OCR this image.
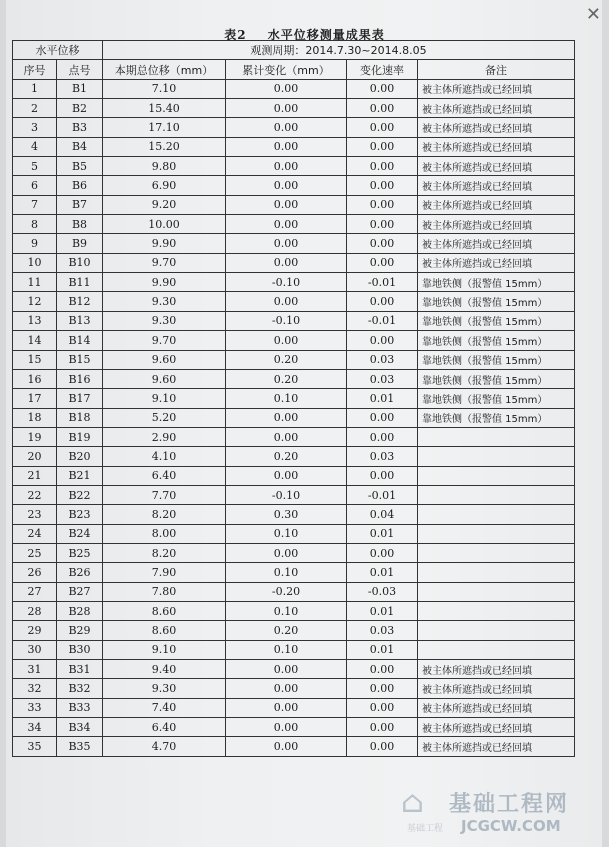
✕
表2 水平位移测量成果表
水平位移		观测周期：2014.7.30~2014.8.05			
序号	点号	本期总位移（mm）	累计变化（mm）	变化速率	备注
1	B1	7.10	0.00	0.00	被主体所遮挡或已经回填
2	B2	15.40	0.00	0.00	被主体所遮挡或已经回填
3	B3	17.10	0.00	0.00	被主体所遮挡或已经回填
4	B4	15.20	0.00	0.00	被主体所遮挡或已经回填
5	B5	9.80	0.00	0.00	被主体所遮挡或已经回填
6	B6	6.90	0.00	0.00	被主体所遮挡或已经回填
7	B7	9.20	0.00	0.00	被主体所遮挡或已经回填
8	B8	10.00	0.00	0.00	被主体所遮挡或已经回填
9	B9	9.90	0.00	0.00	被主体所遮挡或已经回填
10	B10	9.70	0.00	0.00	被主体所遮挡或已经回填
11	B11	9.90	-0.10	-0.01	靠地铁侧（报警值 15mm）
12	B12	9.30	0.00	0.00	靠地铁侧（报警值 15mm）
13	B13	9.30	-0.10	-0.01	靠地铁侧（报警值 15mm）
14	B14	9.70	0.00	0.00	靠地铁侧（报警值 15mm）
15	B15	9.60	0.20	0.03	靠地铁侧（报警值 15mm）
16	B16	9.60	0.20	0.03	靠地铁侧（报警值 15mm）
17	B17	9.10	0.10	0.01	靠地铁侧（报警值 15mm）
18	B18	5.20	0.00	0.00	靠地铁侧（报警值 15mm）
19	B19	2.90	0.00	0.00	
20	B20	4.10	0.20	0.03	
21	B21	6.40	0.00	0.00	
22	B22	7.70	-0.10	-0.01	
23	B23	8.20	0.30	0.04	
24	B24	8.00	0.10	0.01	
25	B25	8.20	0.00	0.00	
26	B26	7.90	0.10	0.01	
27	B27	7.80	-0.20	-0.03	
28	B28	8.60	0.10	0.01	
29	B29	8.60	0.20	0.03	
30	B30	9.10	0.10	0.01	
31	B31	9.40	0.00	0.00	被主体所遮挡或已经回填
32	B32	9.30	0.00	0.00	被主体所遮挡或已经回填
33	B33	7.40	0.00	0.00	被主体所遮挡或已经回填
34	B34	6.40	0.00	0.00	被主体所遮挡或已经回填
35	B35	4.70	0.00	0.00	被主体所遮挡或已经回填
⌂ 基础工程网
基础工程 JCGCW.COM
